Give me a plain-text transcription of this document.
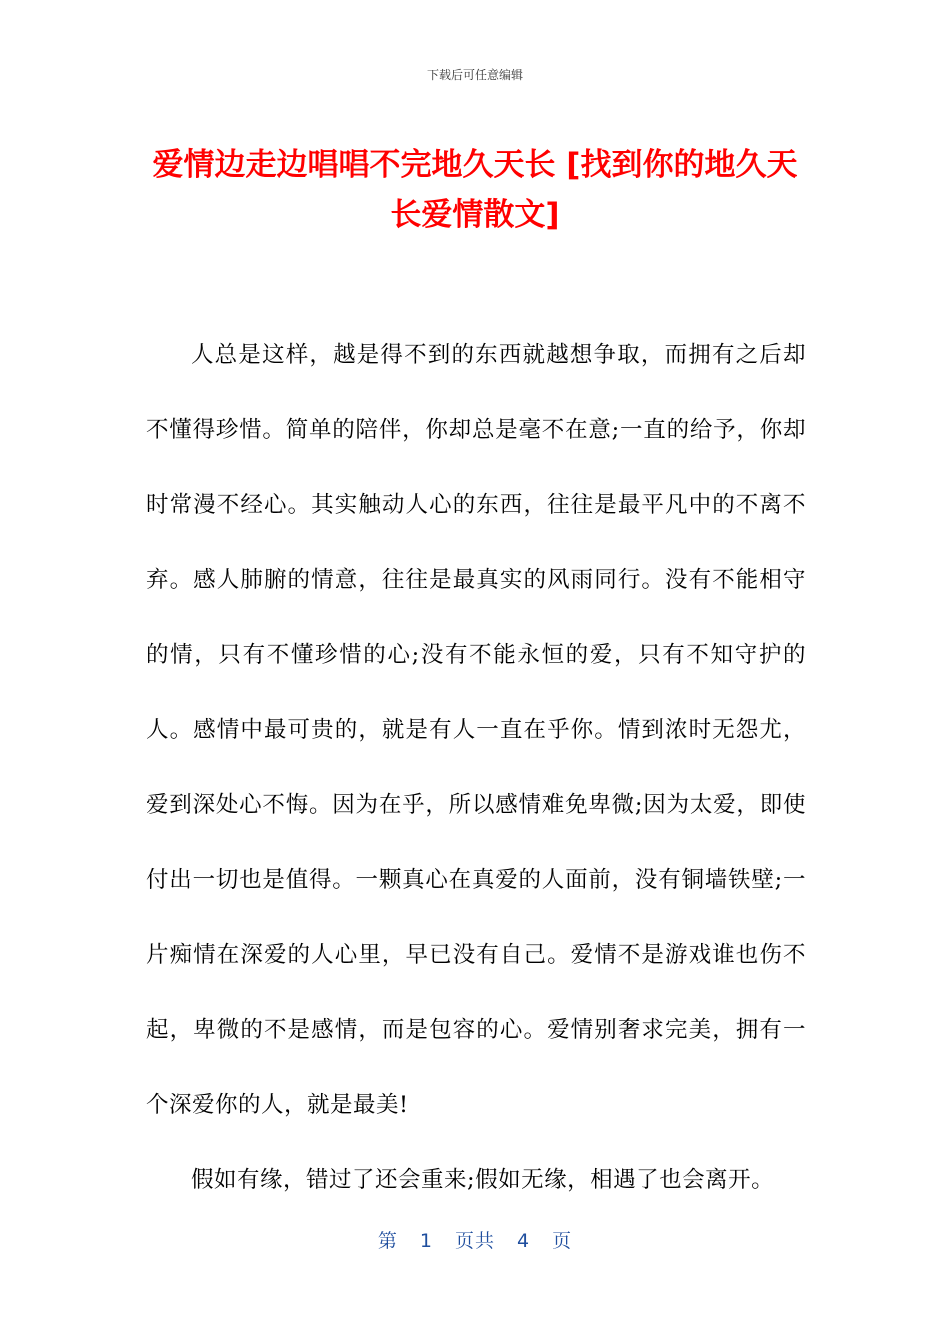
下载后可任意编辑
爱情边走边唱唱不完地久天长 [找到你的地久天长爱情散文]

人总是这样，越是得不到的东西就越想争取，而拥有之后却不懂得珍惜。简单的陪伴，你却总是毫不在意;一直的给予，你却时常漫不经心。其实触动人心的东西，往往是最平凡中的不离不弃。感人肺腑的情意，往往是最真实的风雨同行。没有不能相守的情，只有不懂珍惜的心;没有不能永恒的爱，只有不知守护的人。感情中最可贵的，就是有人一直在乎你。情到浓时无怨尤，爱到深处心不悔。因为在乎，所以感情难免卑微;因为太爱，即使付出一切也是值得。一颗真心在真爱的人面前，没有铜墙铁壁;一片痴情在深爱的人心里，早已没有自己。爱情不是游戏谁也伤不起，卑微的不是感情，而是包容的心。爱情别奢求完美，拥有一个深爱你的人，就是最美!

假如有缘，错过了还会重来;假如无缘，相遇了也会离开。

第 1 页共 4 页
